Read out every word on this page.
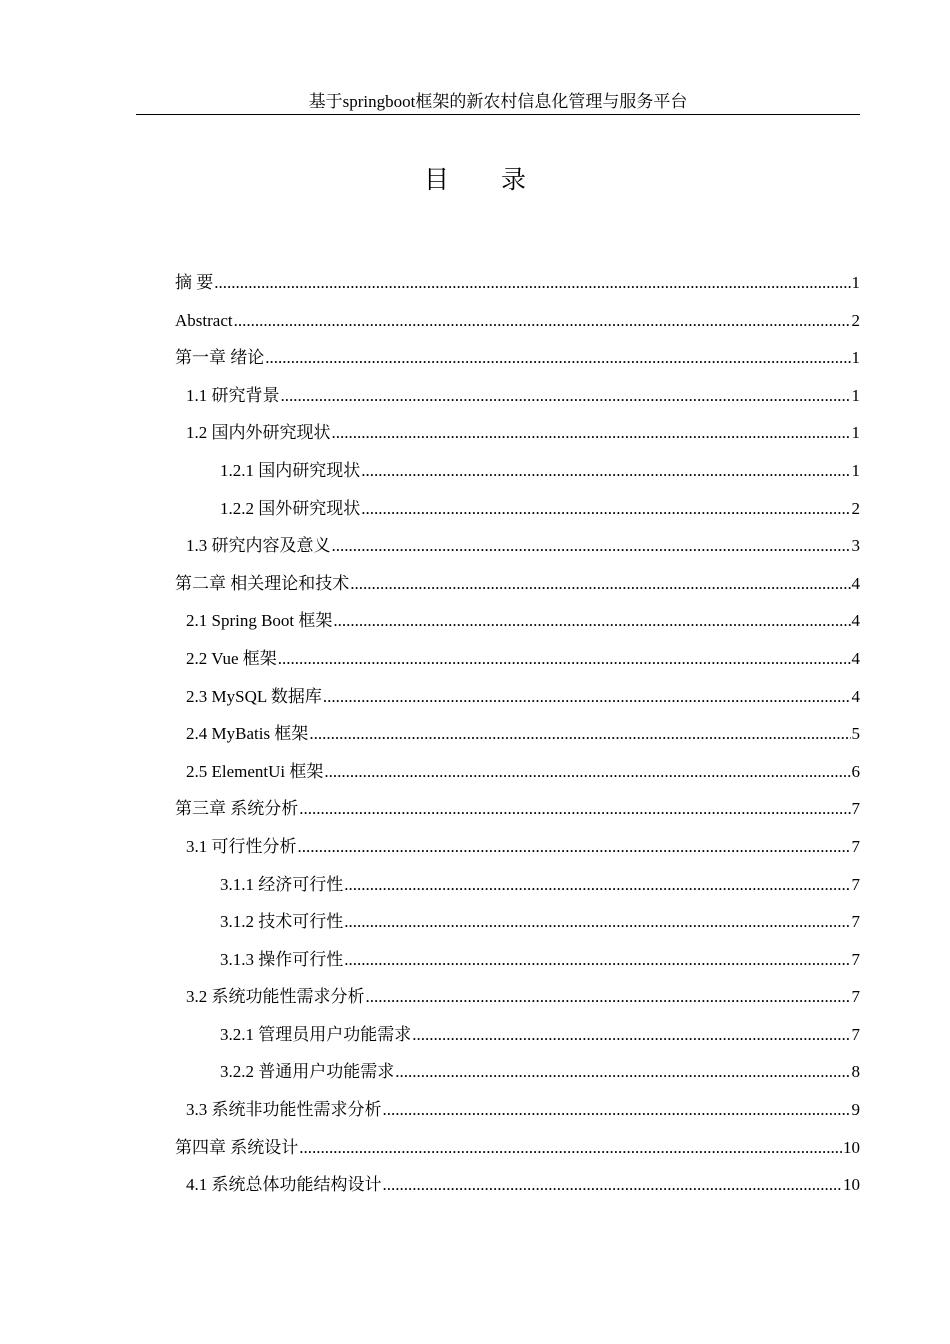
基于springboot框架的新农村信息化管理与服务平台
目 录
摘 要 .....	1
Abstract .....	2
第一章 绪论 .....	1
1.1 研究背景 .....	1
1.2 国内外研究现状 .....	1
1.2.1 国内研究现状 .....	1
1.2.2 国外研究现状 .....	2
1.3 研究内容及意义 .....	3
第二章 相关理论和技术 .....	4
2.1 Spring Boot 框架 .....	4
2.2 Vue 框架 .....	4
2.3 MySQL 数据库 .....	4
2.4 MyBatis 框架 .....	5
2.5 ElementUi 框架 .....	6
第三章 系统分析 .....	7
3.1 可行性分析 .....	7
3.1.1 经济可行性 .....	7
3.1.2 技术可行性 .....	7
3.1.3 操作可行性 .....	7
3.2 系统功能性需求分析 .....	7
3.2.1 管理员用户功能需求 .....	7
3.2.2 普通用户功能需求 .....	8
3.3 系统非功能性需求分析 .....	9
第四章 系统设计 .....	10
4.1 系统总体功能结构设计 .....	10
